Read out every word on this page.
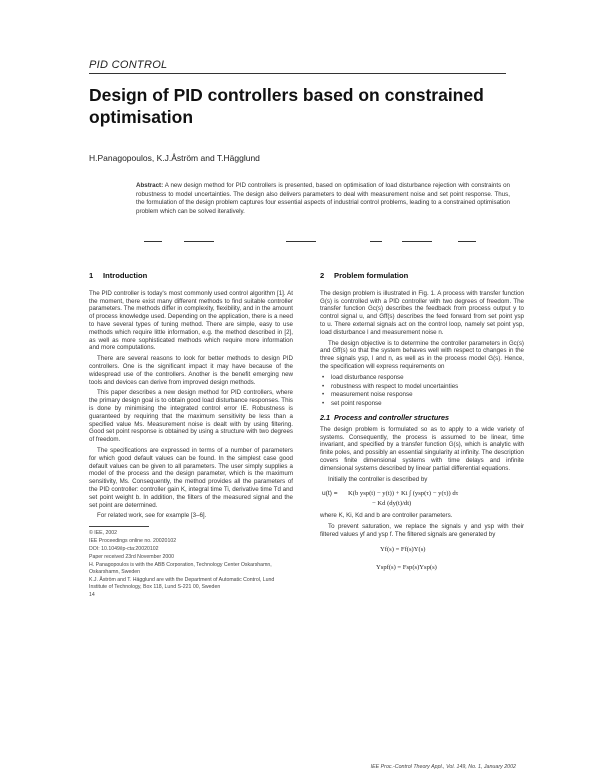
PID CONTROL
Design of PID controllers based on constrained optimisation
H.Panagopoulos, K.J.Åström and T.Hägglund
Abstract: A new design method for PID controllers is presented, based on optimisation of load disturbance rejection with constraints on robustness to model uncertainties. The design also delivers parameters to deal with measurement noise and set point response. Thus, the formulation of the design problem captures four essential aspects of industrial control problems, leading to a constrained optimisation problem which can be solved iteratively.
1 Introduction

The PID controller is today's most commonly used control algorithm [1]. At the moment, there exist many different methods to find suitable controller parameters. The methods differ in complexity, flexibility, and in the amount of process knowledge used. Depending on the application, there is a need to have several types of tuning method. There are simple, easy to use methods which require little information, e.g. the method described in [2], as well as more sophisticated methods which require more information and more computations.

There are several reasons to look for better methods to design PID controllers. One is the significant impact it may have because of the widespread use of the controllers. Another is the benefit emerging new tools and devices can derive from improved design methods.

This paper describes a new design method for PID controllers, where the primary design goal is to obtain good load disturbance responses. This is done by minimising the integrated control error IE. Robustness is guaranteed by requiring that the maximum sensitivity be less than a specified value Ms. Measurement noise is dealt with by using filtering. Good set point response is obtained by using a structure with two degrees of freedom.

The specifications are expressed in terms of a number of parameters for which good default values can be found. In the simplest case good default values can be given to all parameters. The user simply supplies a model of the process and the design parameter, which is the maximum sensitivity, Ms. Consequently, the method provides all the parameters of the PID controller: controller gain K, integral time Ti, derivative time Td and set point weight b. In addition, the filters of the measured signal and the set point are determined.

For related work, see for example [3–6].

© IEE, 2002

IEE Proceedings online no. 20020102

DOI: 10.1049/ip-cta:20020102

Paper received 23rd November 2000

H. Panagopoulos is with the ABB Corporation, Technology Center Oskarshamn, Oskarshamn, Sweden

K.J. Åström and T. Hägglund are with the Department of Automatic Control, Lund Institute of Technology, Box 118, Lund S-221 00, Sweden

14

2 Problem formulation

The design problem is illustrated in Fig. 1. A process with transfer function G(s) is controlled with a PID controller with two degrees of freedom. The transfer function Gc(s) describes the feedback from process output y to control signal u, and Gff(s) describes the feed forward from set point ysp to u. There external signals act on the control loop, namely set point ysp, load disturbance l and measurement noise n.

The design objective is to determine the controller parameters in Gc(s) and Gff(s) so that the system behaves well with respect to changes in the three signals ysp, l and n, as well as in the process model G(s). Hence, the specification will express requirements on

• load disturbance response
• robustness with respect to model uncertainties
• measurement noise response
• set point response
2.1 Process and controller structures

The design problem is formulated so as to apply to a wide variety of systems. Consequently, the process is assumed to be linear, time invariant, and specified by a transfer function G(s), which is analytic with finite poles, and possibly an essential singularity at infinity. The description covers finite dimensional systems with time delays and infinite dimensional systems described by linear partial differential equations.

Initially the controller is described by

u(t) = K(b ysp(t) − y(t)) + Ki ∫ (ysp(τ) − y(τ)) dτ
− Kd (dy(t)/dt)

where K, Ki, Kd and b are controller parameters.

To prevent saturation, we replace the signals y and ysp with their filtered values yf and ysp f. The filtered signals are generated by

Yf(s) = Ff(s)Y(s)
Yspf(s) = Fsp(s)Ysp(s)
IEE Proc.-Control Theory Appl., Vol. 149, No. 1, January 2002
